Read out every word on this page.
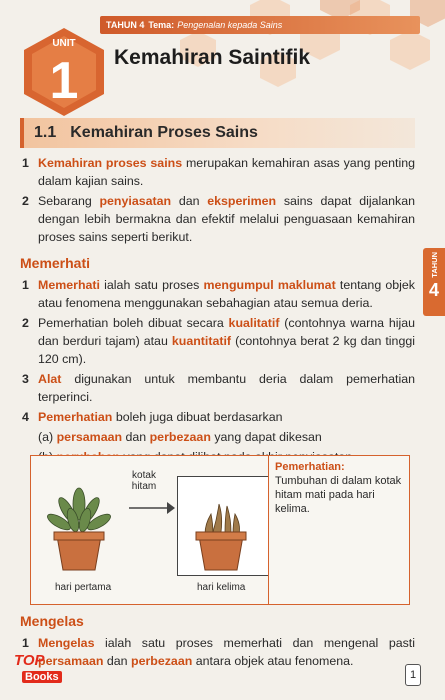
TAHUN 4 Tema: Pengenalan kepada Sains
UNIT
1 Kemahiran Saintifik
1.1 Kemahiran Proses Sains
TAHUN
4
1 Kemahiran proses sains merupakan kemahiran asas yang penting dalam kajian sains.
2 Sebarang penyiasatan dan eksperimen sains dapat dijalankan dengan lebih bermakna dan efektif melalui penguasaan kemahiran proses sains seperti berikut.
Memerhati
1 Memerhati ialah satu proses mengumpul maklumat tentang objek atau fenomena menggunakan sebahagian atau semua deria.
2 Pemerhatian boleh dibuat secara kualitatif (contohnya warna hijau dan berduri tajam) atau kuantitatif (contohnya berat 2 kg dan tinggi 120 cm).
3 Alat digunakan untuk membantu deria dalam pemerhatian terperinci.
4 Pemerhatian boleh juga dibuat berdasarkan
(a) persamaan dan perbezaan yang dapat dikesan
hari pertama
kotak
hitam
hari kelima
Pemerhatian:
Tumbuhan di dalam kotak hitam mati pada hari kelima.
Mengelas
1 Mengelas ialah satu proses memerhati dan mengenal pasti persamaan dan perbezaan antara objek atau fenomena.
1
TOP
Books
